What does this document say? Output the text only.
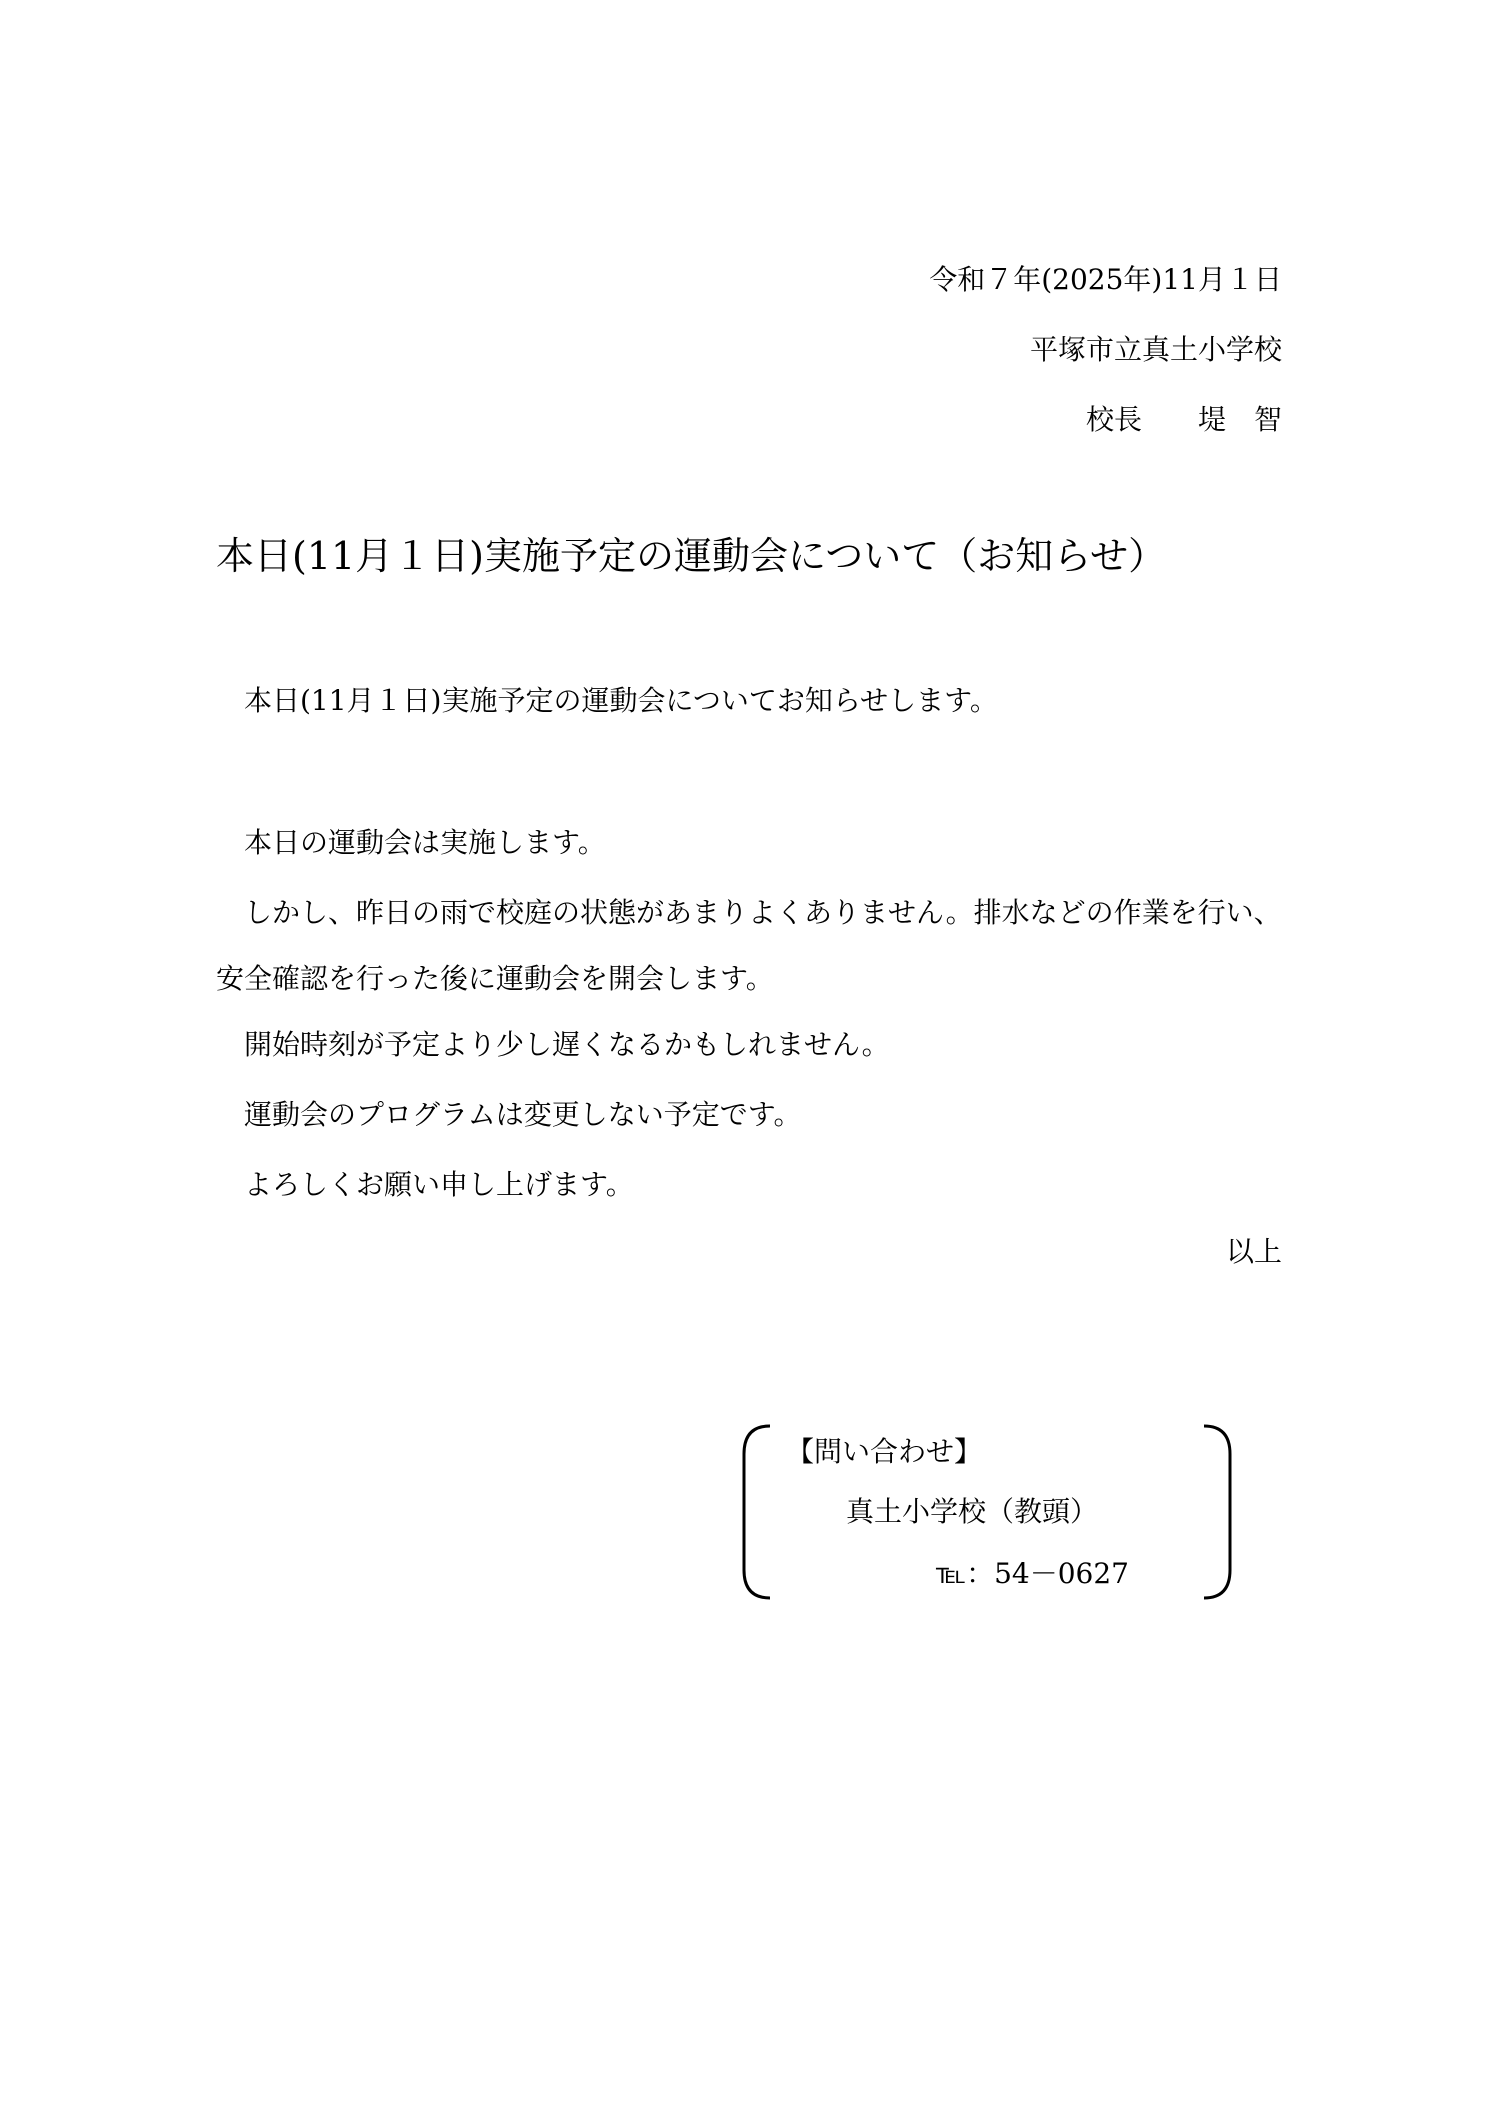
令和７年(2025年)11月１日
平塚市立真土小学校
校長　　堤　智
本日(11月１日)実施予定の運動会について（お知らせ）
本日(11月１日)実施予定の運動会についてお知らせします。
本日の運動会は実施します。
しかし、昨日の雨で校庭の状態があまりよくありません。排水などの作業を行い、安全確認を行った後に運動会を開会します。
開始時刻が予定より少し遅くなるかもしれません。
運動会のプログラムは変更しない予定です。
よろしくお願い申し上げます。
以上
【問い合わせ】
真土小学校（教頭）
℡：54－0627
